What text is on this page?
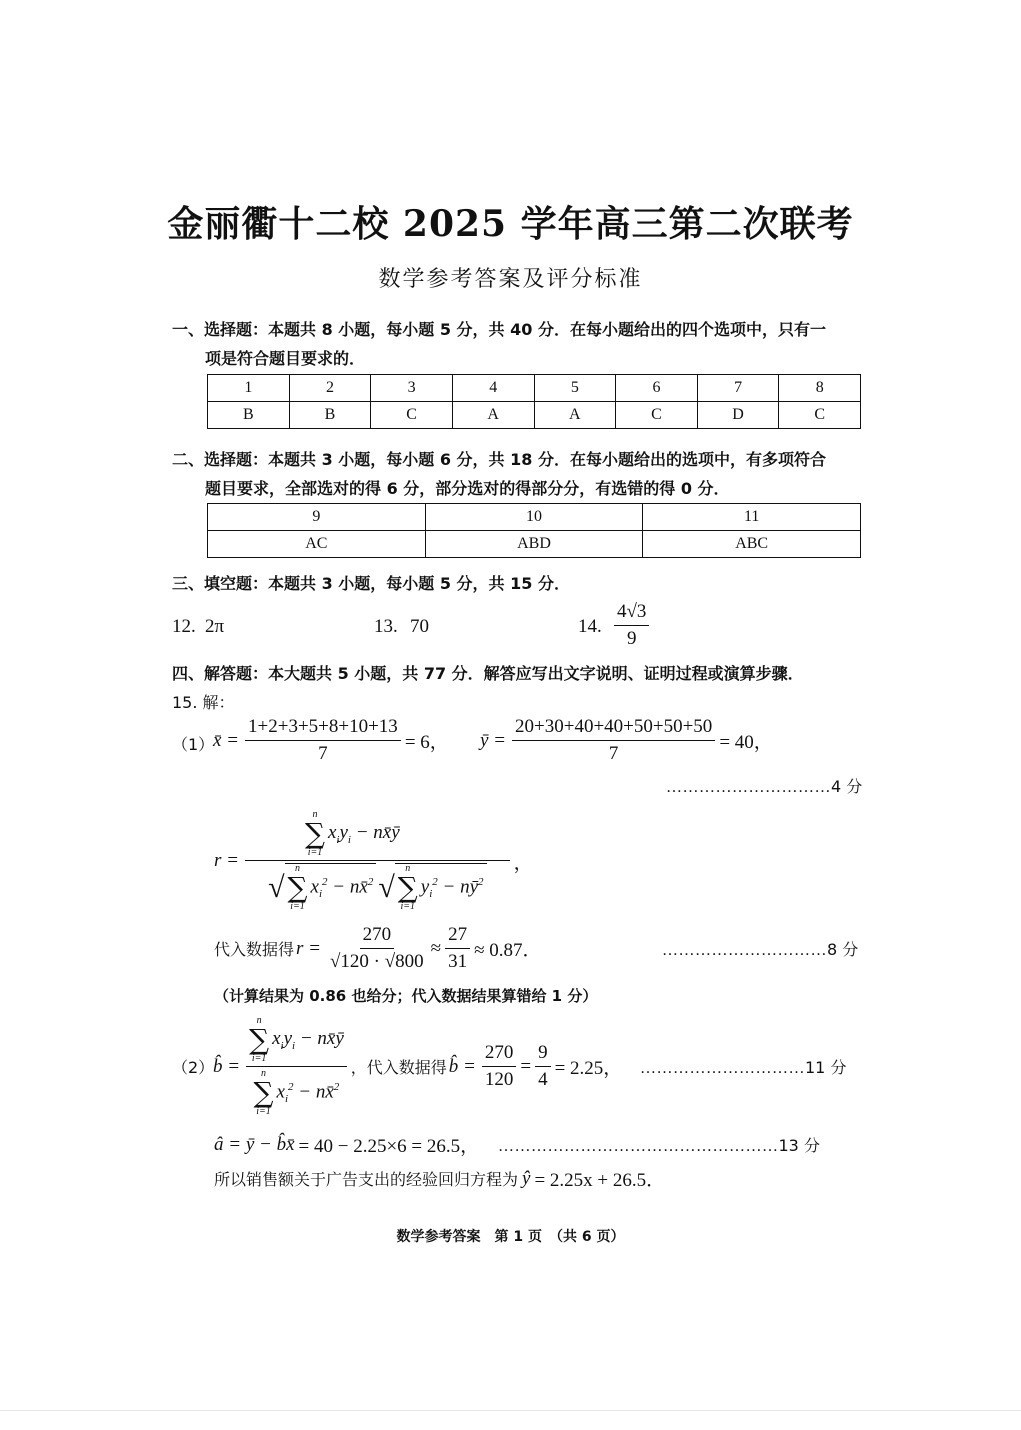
金丽衢十二校 2025 学年高三第二次联考
数学参考答案及评分标准
一、选择题：本题共 8 小题，每小题 5 分，共 40 分．在每小题给出的四个选项中，只有一
项是符合题目要求的．
1	2	3	4	5	6	7	8
B	B	C	A	A	C	D	C
二、选择题：本题共 3 小题，每小题 6 分，共 18 分．在每小题给出的选项中，有多项符合
题目要求，全部选对的得 6 分，部分选对的得部分分，有选错的得 0 分．
9	10	11
AC	ABD	ABC
三、填空题：本题共 3 小题，每小题 5 分，共 15 分．
12. 2π	13. 70	14. $\frac{4√3}{9}$
四、解答题：本大题共 5 小题，共 77 分．解答应写出文字说明、证明过程或演算步骤．
15. 解：
（1）
x̄ = $\frac{1+2+3+5+8+10+13}{7} = 6$， ȳ = $\frac{20+30+40+40+50+50+50}{7} = 40$，
…………………………4 分
r =
n
∑
i=1
$x_iy_i$ − nx̄ȳ
√
n
∑
i=1
$x_i^2$ − nx̄$^2$ √
n
∑
i=1
$y_i^2$ − $nȳ^2$
，
代入数据得 $r = \frac{270}{√120 \cdot √800} \approx \frac{27}{31} \approx 0.87$．	…………………………8 分
（计算结果为 0.86 也给分；代入数据结果算错给 1 分）
（2）
b̂ = n
∑
i=1
$x_iy_i$ − nx̄ȳ
n
∑
i=1
$x_i^2$ − nx̄$^2$ ，代入数据得 b̂ = $\frac{270}{120} = \frac{9}{4} = 2.25$， …………………………11 分
â = ȳ − b̂x̄ = 40 − 2.25×6 = 26.5， ……………………………………………13 分
所以销售额关于广告支出的经验回归方程为 ŷ = 2.25x + 26.5．
数学参考答案　第 1 页　（共 6 页）
